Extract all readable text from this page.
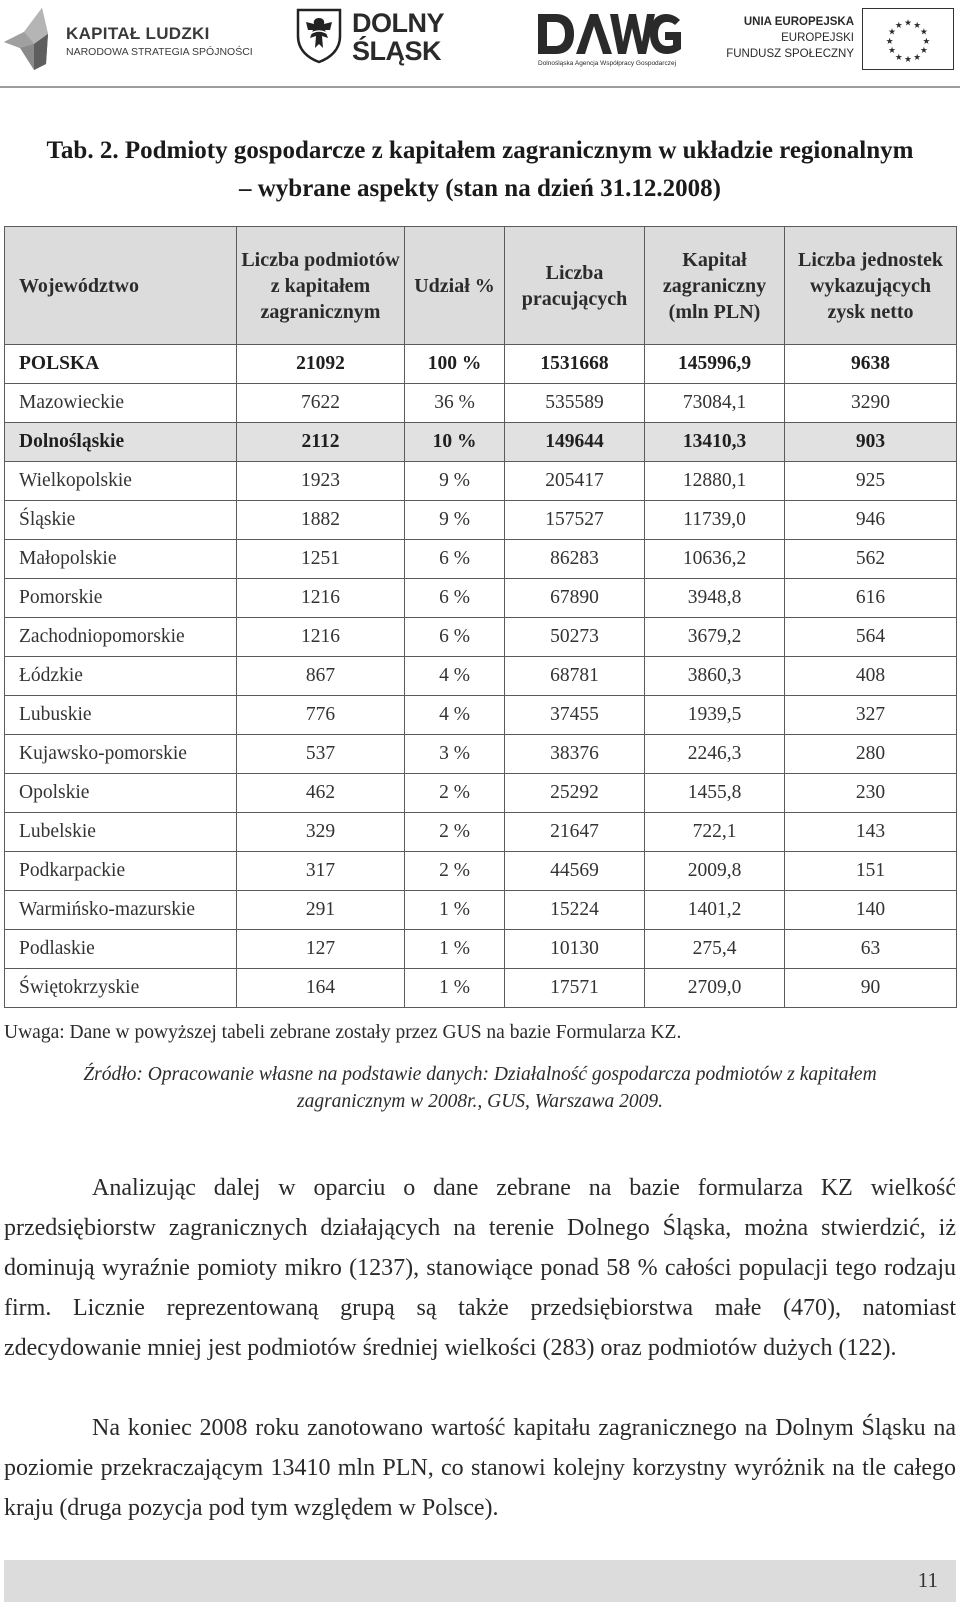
KAPITAŁ LUDZKI
NARODOWA STRATEGIA SPÓJNOŚCI
DOLNY
ŚLĄSK	Dolnośląska Agencja Współpracy Gospodarczej
UNIA EUROPEJSKA
EUROPEJSKI
FUNDUSZ SPOŁECZNY
★ ★
★
★
★
★
★
★
★
★
★
★
Tab. 2. Podmioty gospodarcze z kapitałem zagranicznym w układzie regionalnym
– wybrane aspekty (stan na dzień 31.12.2008)
Województwo	Liczba podmiotów z kapitałem zagranicznym	Udział %	Liczba pracujących	Kapitał zagraniczny (mln PLN)	Liczba jednostek wykazujących zysk netto
POLSKA	21092	100 %	1531668	145996,9	9638
Mazowieckie	7622	36 %	535589	73084,1	3290
Dolnośląskie	2112	10 %	149644	13410,3	903
Wielkopolskie	1923	9 %	205417	12880,1	925
Śląskie	1882	9 %	157527	11739,0	946
Małopolskie	1251	6 %	86283	10636,2	562
Pomorskie	1216	6 %	67890	3948,8	616
Zachodniopomorskie	1216	6 %	50273	3679,2	564
Łódzkie	867	4 %	68781	3860,3	408
Lubuskie	776	4 %	37455	1939,5	327
Kujawsko-pomorskie	537	3 %	38376	2246,3	280
Opolskie	462	2 %	25292	1455,8	230
Lubelskie	329	2 %	21647	722,1	143
Podkarpackie	317	2 %	44569	2009,8	151
Warmińsko-mazurskie	291	1 %	15224	1401,2	140
Podlaskie	127	1 %	10130	275,4	63
Świętokrzyskie	164	1 %	17571	2709,0	90
Uwaga: Dane w powyższej tabeli zebrane zostały przez GUS na bazie Formularza KZ.
Źródło: Opracowanie własne na podstawie danych: Działalność gospodarcza podmiotów z kapitałem
zagranicznym w 2008r., GUS, Warszawa 2009.

Analizując dalej w oparciu o dane zebrane na bazie formularza KZ wielkość przedsiębiorstw zagranicznych działających na terenie Dolnego Śląska, można stwierdzić, iż dominują wyraźnie pomioty mikro (1237), stanowiące ponad 58 % całości populacji tego rodzaju firm. Licznie reprezentowaną grupą są także przedsiębiorstwa małe (470), natomiast zdecydowanie mniej jest podmiotów średniej wielkości (283) oraz podmiotów dużych (122).

Na koniec 2008 roku zanotowano wartość kapitału zagranicznego na Dolnym Śląsku na poziomie przekraczającym 13410 mln PLN, co stanowi kolejny korzystny wyróżnik na tle całego kraju (druga pozycja pod tym względem w Polsce).

11
